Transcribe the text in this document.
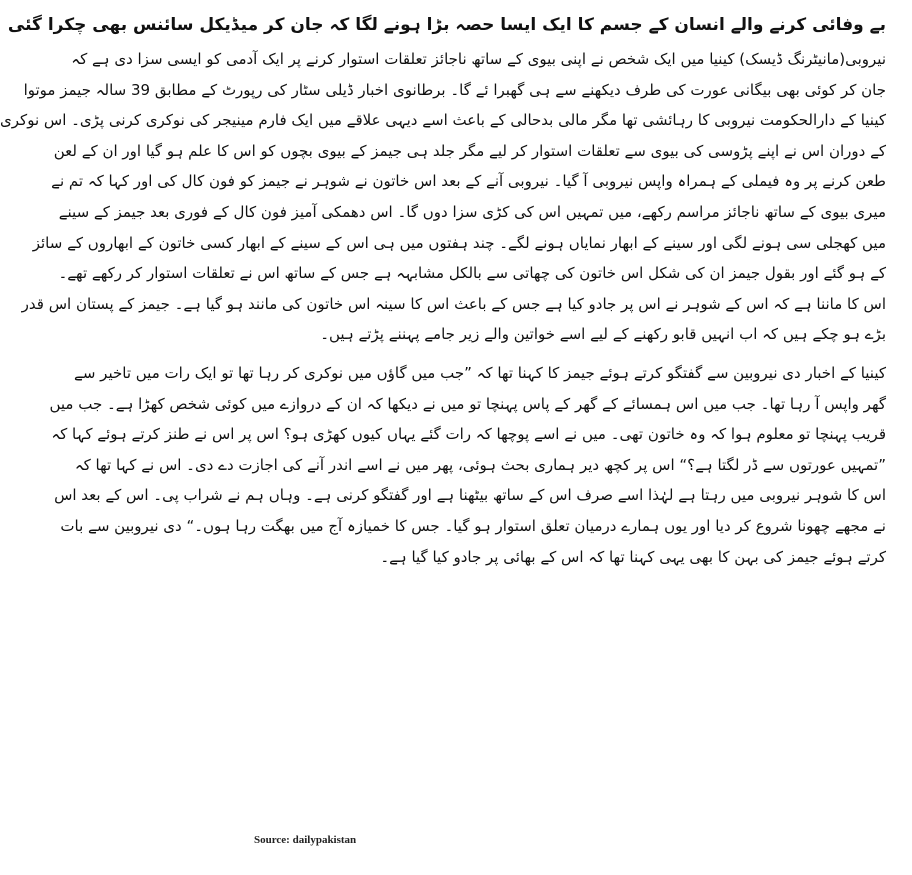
بے وفائی کرنے والے انسان کے جسم کا ایک ایسا حصہ بڑا ہونے لگا کہ جان کر میڈیکل سائنس بھی چکرا گئی
نیروبی(مانیٹرنگ ڈیسک) کینیا میں ایک شخص نے اپنی بیوی کے ساتھ ناجائز تعلقات استوار کرنے پر ایک آدمی کو ایسی سزا دی ہے کہ
جان کر کوئی بھی بیگانی عورت کی طرف دیکھنے سے ہی گھبرا ئے گا۔ برطانوی اخبار ڈیلی سٹار کی رپورٹ کے مطابق 39 سالہ جیمز موتوا
کینیا کے دارالحکومت نیروبی کا رہائشی تھا مگر مالی بدحالی کے باعث اسے دیہی علاقے میں ایک فارم مینیجر کی نوکری کرنی پڑی۔ اس نوکری
کے دوران اس نے اپنے پڑوسی کی بیوی سے تعلقات استوار کر لیے مگر جلد ہی جیمز کے بیوی بچوں کو اس کا علم ہو گیا اور ان کے لعن
طعن کرنے پر وہ فیملی کے ہمراہ واپس نیروبی آ گیا۔ نیروبی آنے کے بعد اس خاتون نے شوہر نے جیمز کو فون کال کی اور کہا کہ تم نے
میری بیوی کے ساتھ ناجائز مراسم رکھے، میں تمہیں اس کی کڑی سزا دوں گا۔ اس دھمکی آمیز فون کال کے فوری بعد جیمز کے سینے
میں کھجلی سی ہونے لگی اور سینے کے ابھار نمایاں ہونے لگے۔ چند ہفتوں میں ہی اس کے سینے کے ابھار کسی خاتون کے ابھاروں کے سائز
کے ہو گئے اور بقول جیمز ان کی شکل اس خاتون کی چھاتی سے بالکل مشابہہ ہے جس کے ساتھ اس نے تعلقات استوار کر رکھے تھے۔
اس کا ماننا ہے کہ اس کے شوہر نے اس پر جادو کیا ہے جس کے باعث اس کا سینہ اس خاتون کی مانند ہو گیا ہے۔ جیمز کے پستان اس قدر
بڑے ہو چکے ہیں کہ اب انہیں قابو رکھنے کے لیے اسے خواتین والے زیر جامے پہننے پڑتے ہیں۔
کینیا کے اخبار دی نیروبین سے گفتگو کرتے ہوئے جیمز کا کہنا تھا کہ ”جب میں گاؤں میں نوکری کر رہا تھا تو ایک رات میں تاخیر سے
گھر واپس آ رہا تھا۔ جب میں اس ہمسائے کے گھر کے پاس پہنچا تو میں نے دیکھا کہ ان کے دروازے میں کوئی شخص کھڑا ہے۔ جب میں
قریب پہنچا تو معلوم ہوا کہ وہ خاتون تھی۔ میں نے اسے پوچھا کہ رات گئے یہاں کیوں کھڑی ہو؟ اس پر اس نے طنز کرتے ہوئے کہا کہ
”تمہیں عورتوں سے ڈر لگتا ہے؟“ اس پر کچھ دیر ہماری بحث ہوئی، پھر میں نے اسے اندر آنے کی اجازت دے دی۔ اس نے کہا تھا کہ
اس کا شوہر نیروبی میں رہتا ہے لہٰذا اسے صرف اس کے ساتھ بیٹھنا ہے اور گفتگو کرنی ہے۔ وہاں ہم نے شراب پی۔ اس کے بعد اس
نے مجھے چھونا شروع کر دیا اور یوں ہمارے درمیان تعلق استوار ہو گیا۔ جس کا خمیازہ آج میں بھگت رہا ہوں۔“ دی نیروبین سے بات
کرتے ہوئے جیمز کی بہن کا بھی یہی کہنا تھا کہ اس کے بھائی پر جادو کیا گیا ہے۔
Source: dailypakistan
